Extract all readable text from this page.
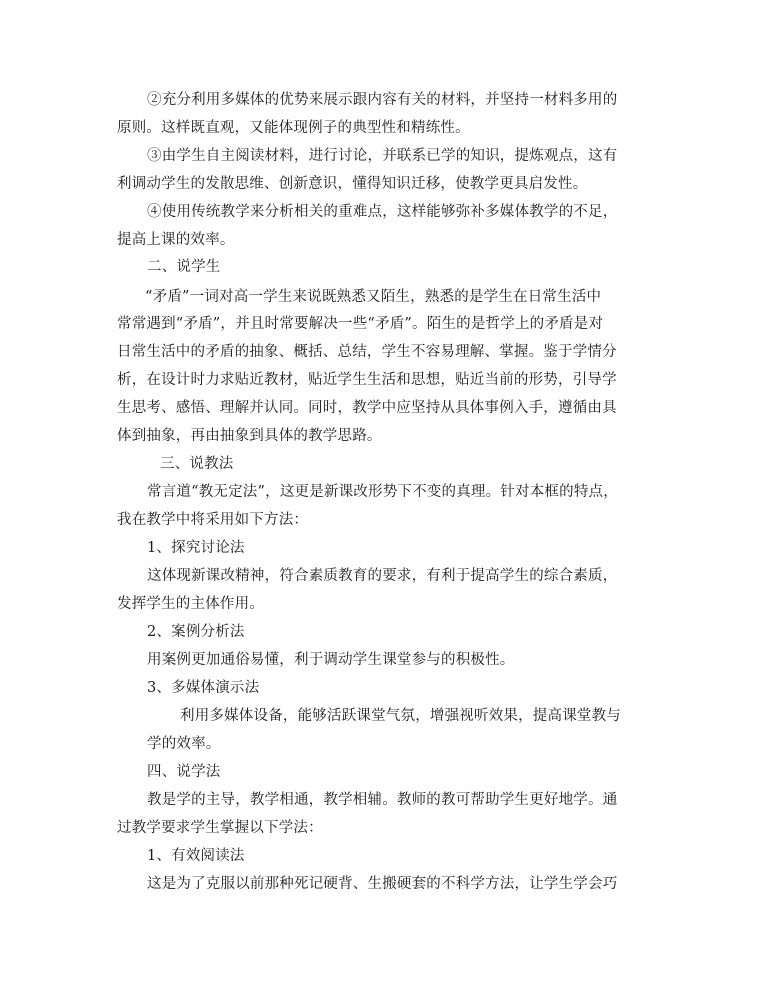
②充分利用多媒体的优势来展示跟内容有关的材料，并坚持一材料多用的
原则。这样既直观，又能体现例子的典型性和精练性。
③由学生自主阅读材料，进行讨论，并联系已学的知识，提炼观点，这有
利调动学生的发散思维、创新意识，懂得知识迁移，使教学更具启发性。
④使用传统教学来分析相关的重难点，这样能够弥补多媒体教学的不足，
提高上课的效率。
二、说学生
“矛盾”一词对高一学生来说既熟悉又陌生，熟悉的是学生在日常生活中
常常遇到“矛盾”，并且时常要解决一些“矛盾”。陌生的是哲学上的矛盾是对
日常生活中的矛盾的抽象、概括、总结，学生不容易理解、掌握。鉴于学情分
析，在设计时力求贴近教材，贴近学生生活和思想，贴近当前的形势，引导学
生思考、感悟、理解并认同。同时，教学中应坚持从具体事例入手，遵循由具
体到抽象，再由抽象到具体的教学思路。
三、说教法
常言道“教无定法”，这更是新课改形势下不变的真理。针对本框的特点，
我在教学中将采用如下方法：
1、探究讨论法
这体现新课改精神，符合素质教育的要求，有利于提高学生的综合素质，
发挥学生的主体作用。
2、案例分析法
用案例更加通俗易懂，利于调动学生课堂参与的积极性。
3、多媒体演示法
利用多媒体设备，能够活跃课堂气氛，增强视听效果，提高课堂教与
学的效率。
四、说学法
教是学的主导，教学相通，教学相辅。教师的教可帮助学生更好地学。通
过教学要求学生掌握以下学法：
1、有效阅读法
这是为了克服以前那种死记硬背、生搬硬套的不科学方法，让学生学会巧
